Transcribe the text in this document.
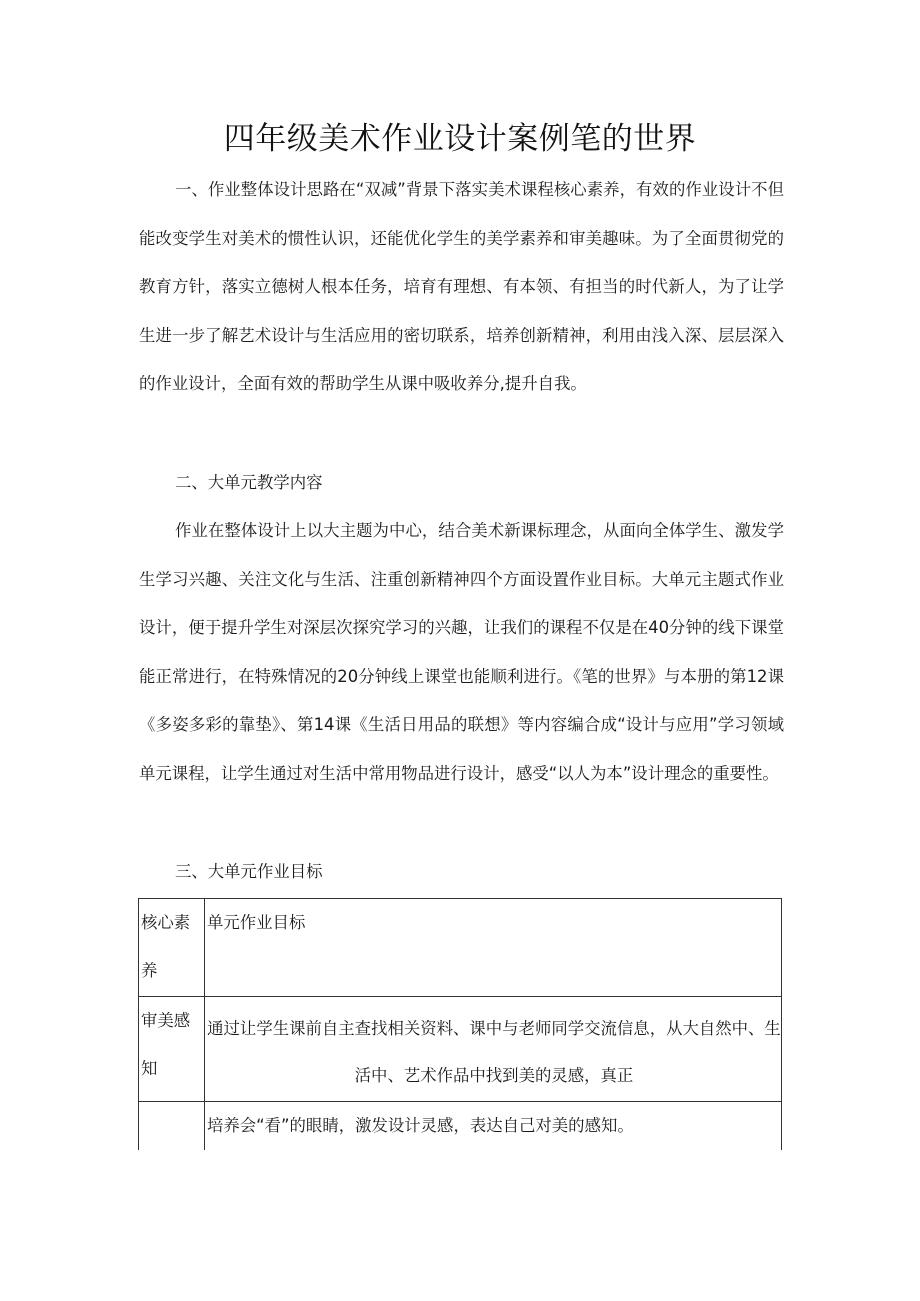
四年级美术作业设计案例笔的世界

一、作业整体设计思路在“双减”背景下落实美术课程核心素养，有效的作业设计不但能改变学生对美术的惯性认识，还能优化学生的美学素养和审美趣味。为了全面贯彻党的教育方针，落实立德树人根本任务，培育有理想、有本领、有担当的时代新人，为了让学生进一步了解艺术设计与生活应用的密切联系，培养创新精神，利用由浅入深、层层深入的作业设计，全面有效的帮助学生从课中吸收养分,提升自我。

二、大单元教学内容

作业在整体设计上以大主题为中心，结合美术新课标理念，从面向全体学生、激发学生学习兴趣、关注文化与生活、注重创新精神四个方面设置作业目标。大单元主题式作业设计，便于提升学生对深层次探究学习的兴趣，让我们的课程不仅是在40分钟的线下课堂能正常进行，在特殊情况的20分钟线上课堂也能顺利进行。《笔的世界》与本册的第12课《多姿多彩的靠垫》、第14课《生活日用品的联想》等内容编合成“设计与应用”学习领域单元课程，让学生通过对生活中常用物品进行设计，感受“以人为本”设计理念的重要性。

三、大单元作业目标

核心素养	单元作业目标
审美感知	通过让学生课前自主查找相关资料、课中与老师同学交流信息，从大自然中、生活中、艺术作品中找到美的灵感，真正
	培养会“看”的眼睛，激发设计灵感，表达自己对美的感知。
